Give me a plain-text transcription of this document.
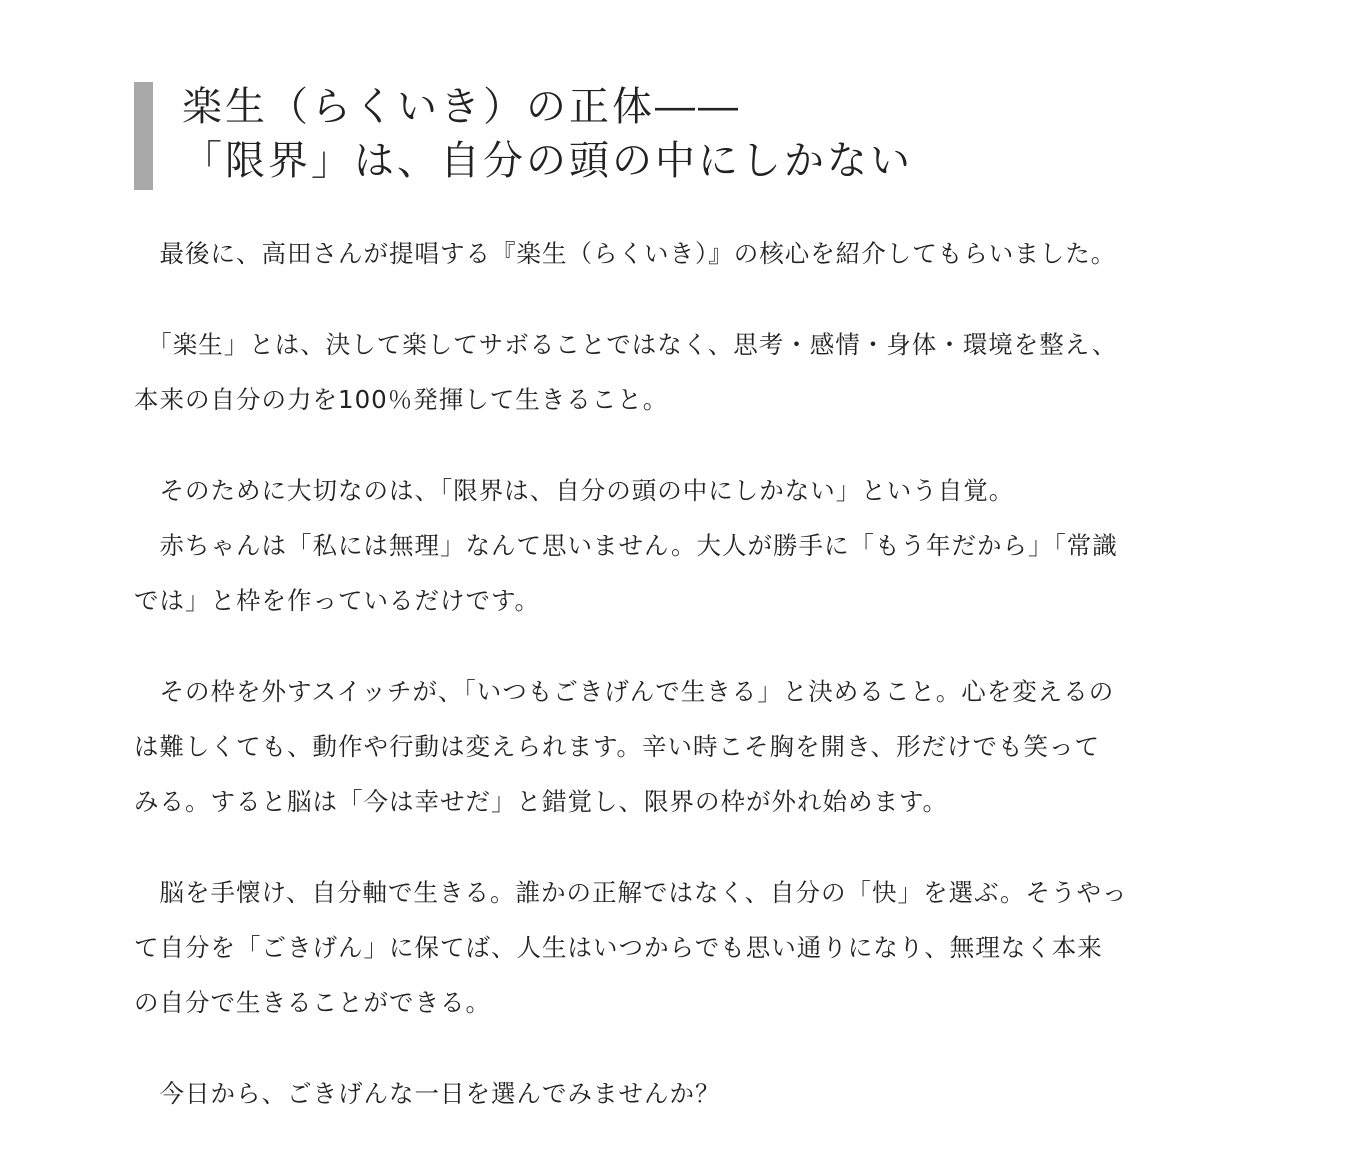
楽生（らくいき）の正体――
「限界」は、自分の頭の中にしかない
　最後に、高田さんが提唱する『楽生（らくいき）』の核心を紹介してもらいました。
　「楽生」とは、決して楽してサボることではなく、思考・感情・身体・環境を整え、
本来の自分の力を100％発揮して生きること。
　そのために大切なのは、「限界は、自分の頭の中にしかない」という自覚。
　赤ちゃんは「私には無理」なんて思いません。大人が勝手に「もう年だから」「常識
では」と枠を作っているだけです。
　その枠を外すスイッチが、「いつもごきげんで生きる」と決めること。心を変えるの
は難しくても、動作や行動は変えられます。辛い時こそ胸を開き、形だけでも笑って
みる。すると脳は「今は幸せだ」と錯覚し、限界の枠が外れ始めます。
　脳を手懐け、自分軸で生きる。誰かの正解ではなく、自分の「快」を選ぶ。そうやっ
て自分を「ごきげん」に保てば、人生はいつからでも思い通りになり、無理なく本来
の自分で生きることができる。
　今日から、ごきげんな一日を選んでみませんか？
